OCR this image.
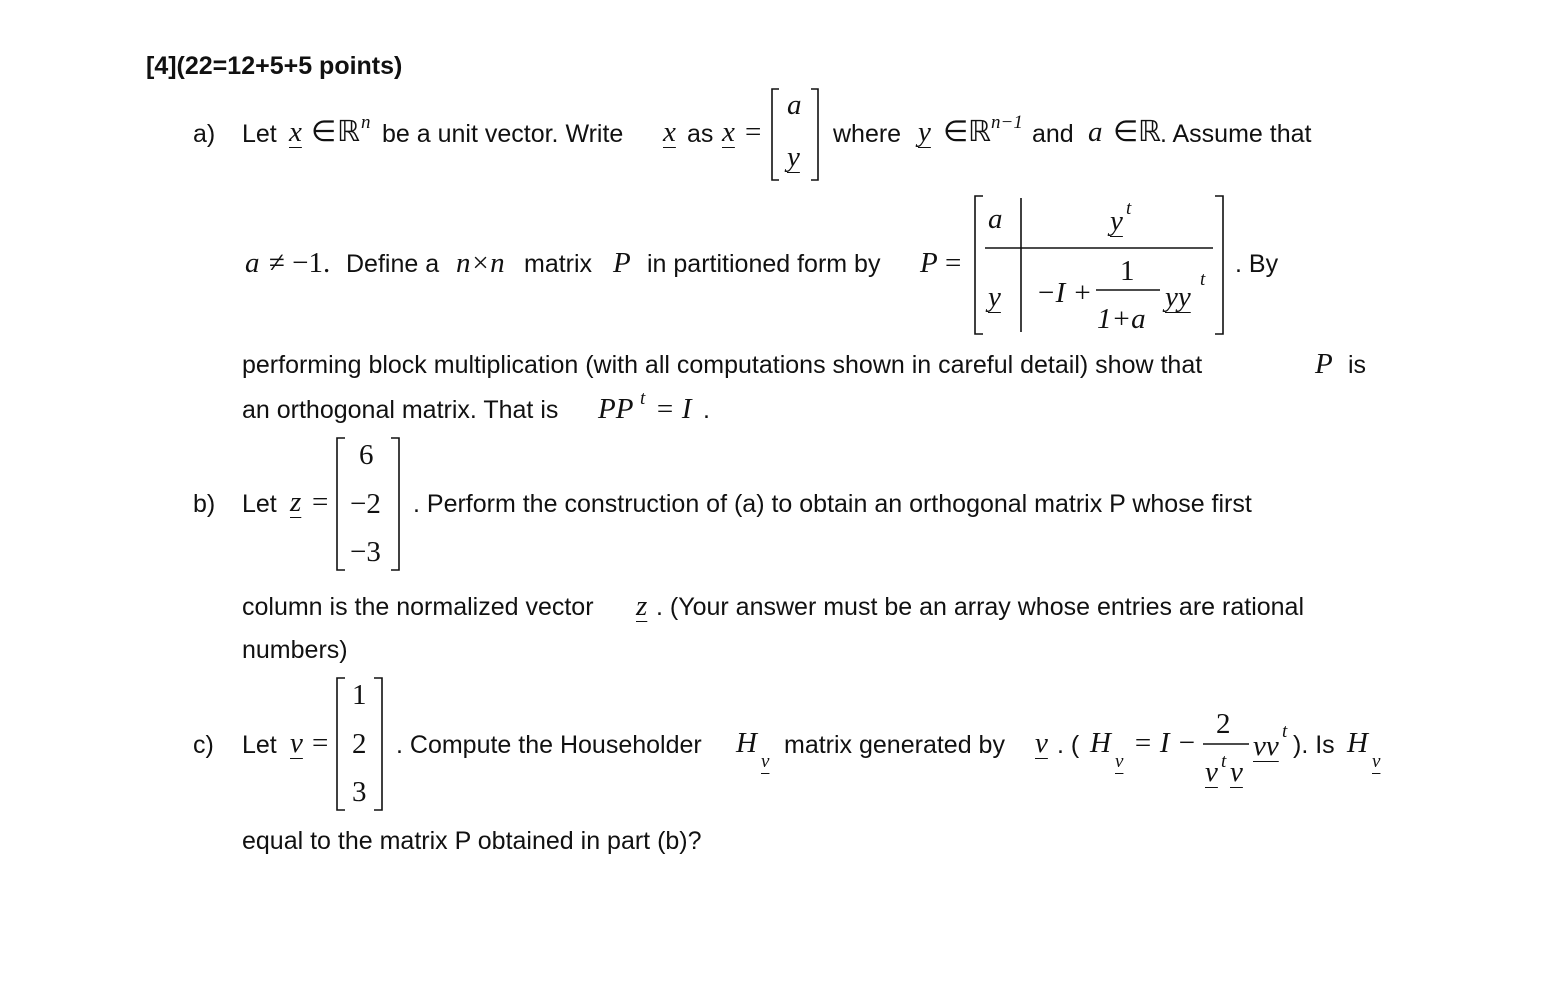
[4](22=12+5+5 points)
a) Let x ∈ ℝ n be a unit vector. Write x as x =
a
y
where y ∈ ℝ n−1 and a ∈ ℝ . Assume that
a ≠ −1. Define a n×n matrix P in partitioned form by P =
a	y t
y −I +
1
1+a
yy
t
. By
performing block multiplication (with all computations shown in careful detail) show that	P is
an orthogonal matrix. That is PP t = I .
b) Let z =
6
−2
−3
. Perform the construction of (a) to obtain an orthogonal matrix P whose first
column is the normalized vector z . (Your answer must be an array whose entries are rational
numbers)
c) Let v =
1
2
3
. Compute the Householder H
v
matrix generated by v . ( H
v
= I −
2
v t v
vv t ). Is H
v
equal to the matrix P obtained in part (b)?
